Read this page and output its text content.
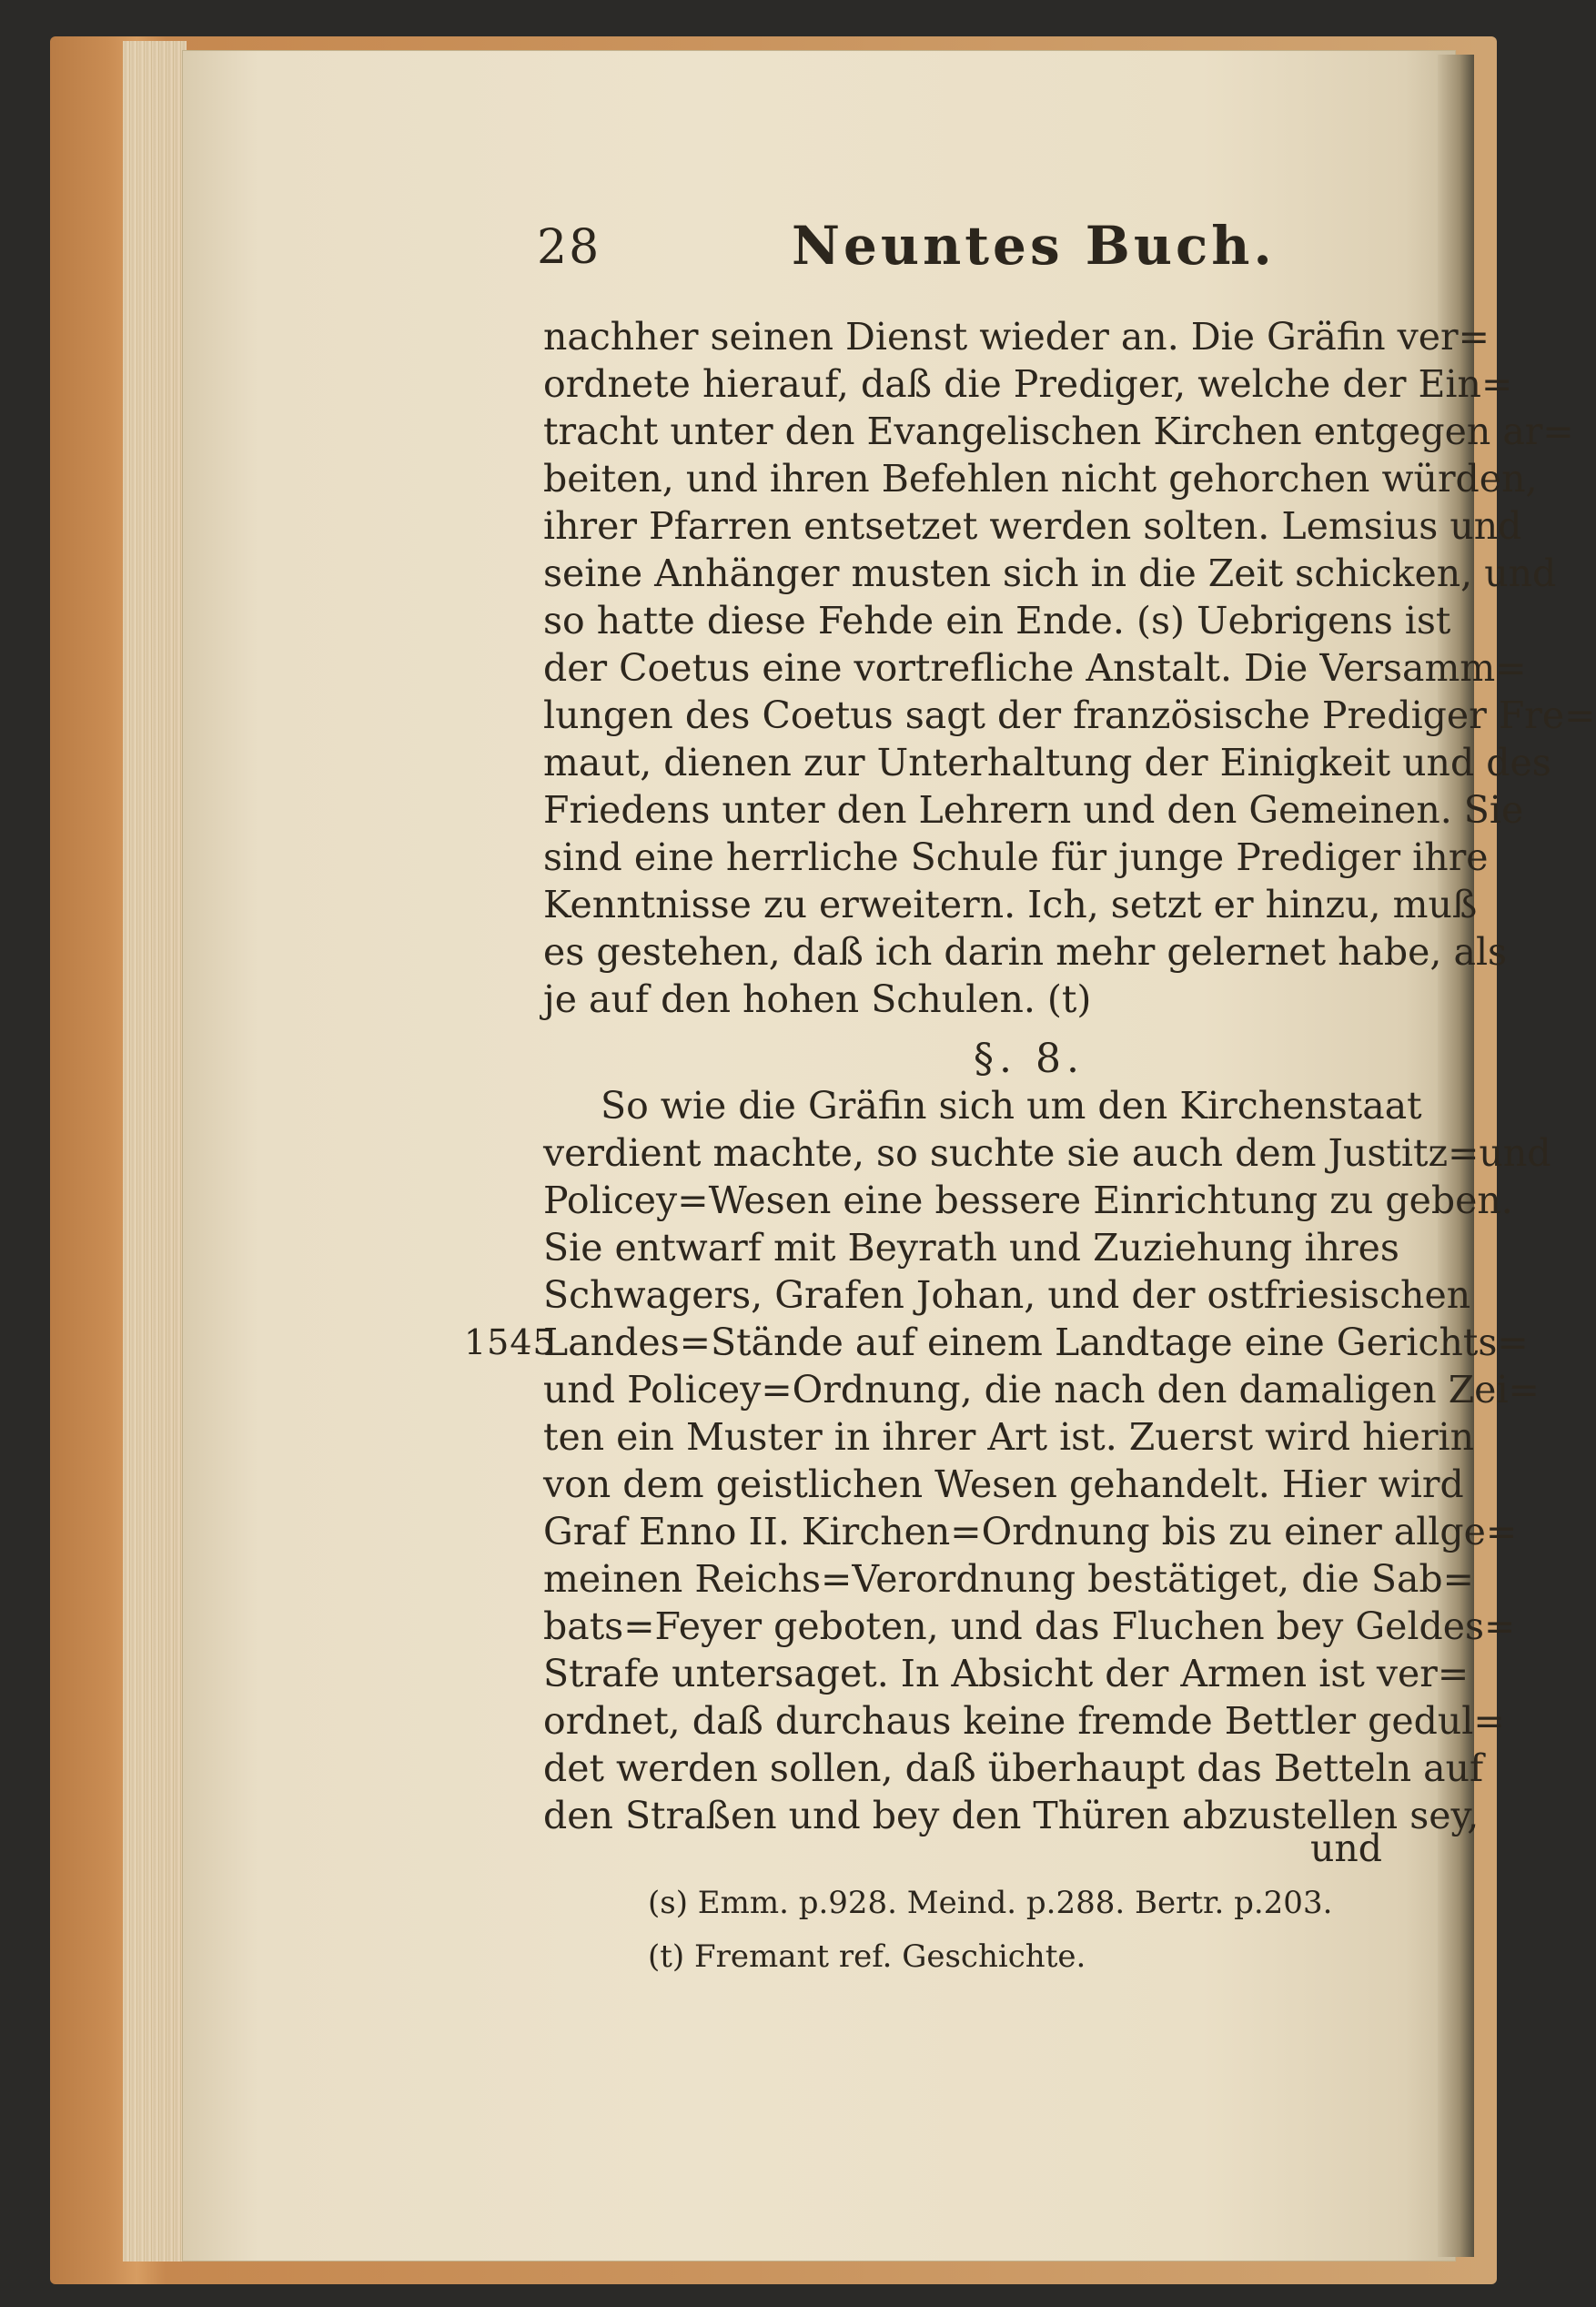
28	Neuntes Buch.
nachher seinen Dienst wieder an. Die Gräfin ver=
ordnete hierauf, daß die Prediger, welche der Ein=
tracht unter den Evangelischen Kirchen entgegen ar=
beiten, und ihren Befehlen nicht gehorchen würden,
ihrer Pfarren entsetzet werden solten. Lemsius und
seine Anhänger musten sich in die Zeit schicken, und
so hatte diese Fehde ein Ende. (s) Uebrigens ist
der Coetus eine vortrefliche Anstalt. Die Versamm=
lungen des Coetus sagt der französische Prediger Fre=
maut, dienen zur Unterhaltung der Einigkeit und des
Friedens unter den Lehrern und den Gemeinen. Sie
sind eine herrliche Schule für junge Prediger ihre
Kenntnisse zu erweitern. Ich, setzt er hinzu, muß
es gestehen, daß ich darin mehr gelernet habe, als
je auf den hohen Schulen. (t)
§. 8.
So wie die Gräfin sich um den Kirchenstaat
verdient machte, so suchte sie auch dem Justitz=und
Policey=Wesen eine bessere Einrichtung zu geben.
Sie entwarf mit Beyrath und Zuziehung ihres
Schwagers, Grafen Johan, und der ostfriesischen
Landes=Stände auf einem Landtage eine Gerichts=
und Policey=Ordnung, die nach den damaligen Zei=
ten ein Muster in ihrer Art ist. Zuerst wird hierin
von dem geistlichen Wesen gehandelt. Hier wird
Graf Enno II. Kirchen=Ordnung bis zu einer allge=
meinen Reichs=Verordnung bestätiget, die Sab=
bats=Feyer geboten, und das Fluchen bey Geldes=
Strafe untersaget. In Absicht der Armen ist ver=
ordnet, daß durchaus keine fremde Bettler gedul=
det werden sollen, daß überhaupt das Betteln auf
den Straßen und bey den Thüren abzustellen sey,
1545
und
(s) Emm. p.928. Meind. p.288. Bertr. p.203.
(t) Fremant ref. Geschichte.
